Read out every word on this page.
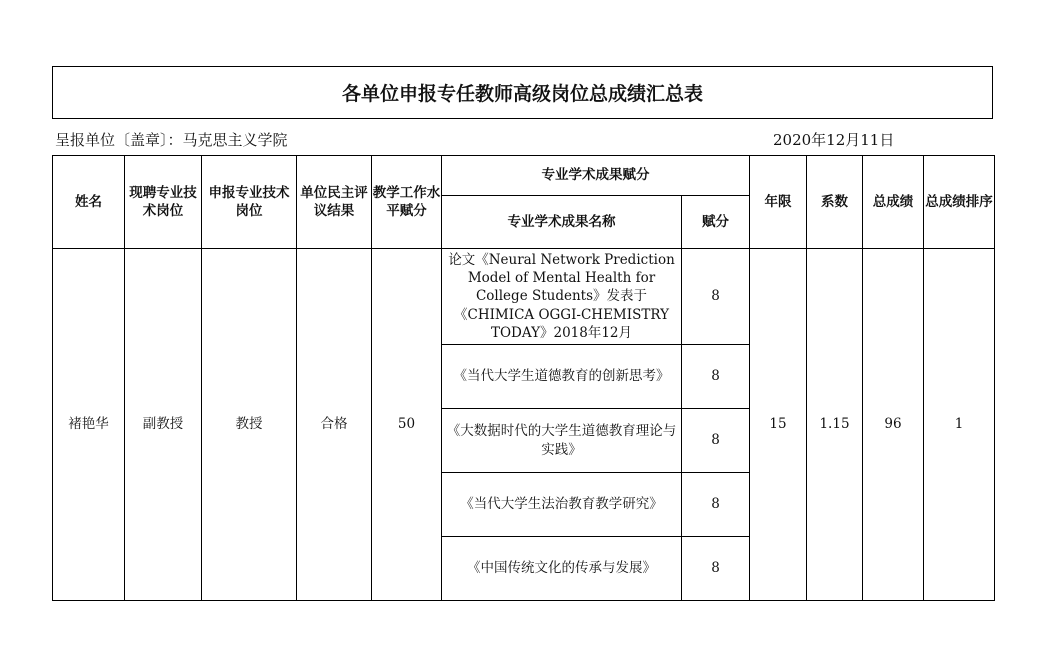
各单位申报专任教师高级岗位总成绩汇总表
呈报单位〔盖章〕：马克思主义学院	2020年12月11日
姓名	现聘专业技术岗位	申报专业技术岗位	单位民主评议结果	教学工作水平赋分	专业学术成果赋分		年限	系数	总成绩	总成绩排序
					专业学术成果名称	赋分				
褚艳华	副教授	教授	合格	50	论文《Neural Network Prediction Model of Mental Health for College Students》发表于《CHIMICA OGGI-CHEMISTRY TODAY》2018年12月	8	15	1.15	96	1
					《当代大学生道德教育的创新思考》	8				
					《大数据时代的大学生道德教育理论与实践》	8				
					《当代大学生法治教育教学研究》	8				
					《中国传统文化的传承与发展》	8				
